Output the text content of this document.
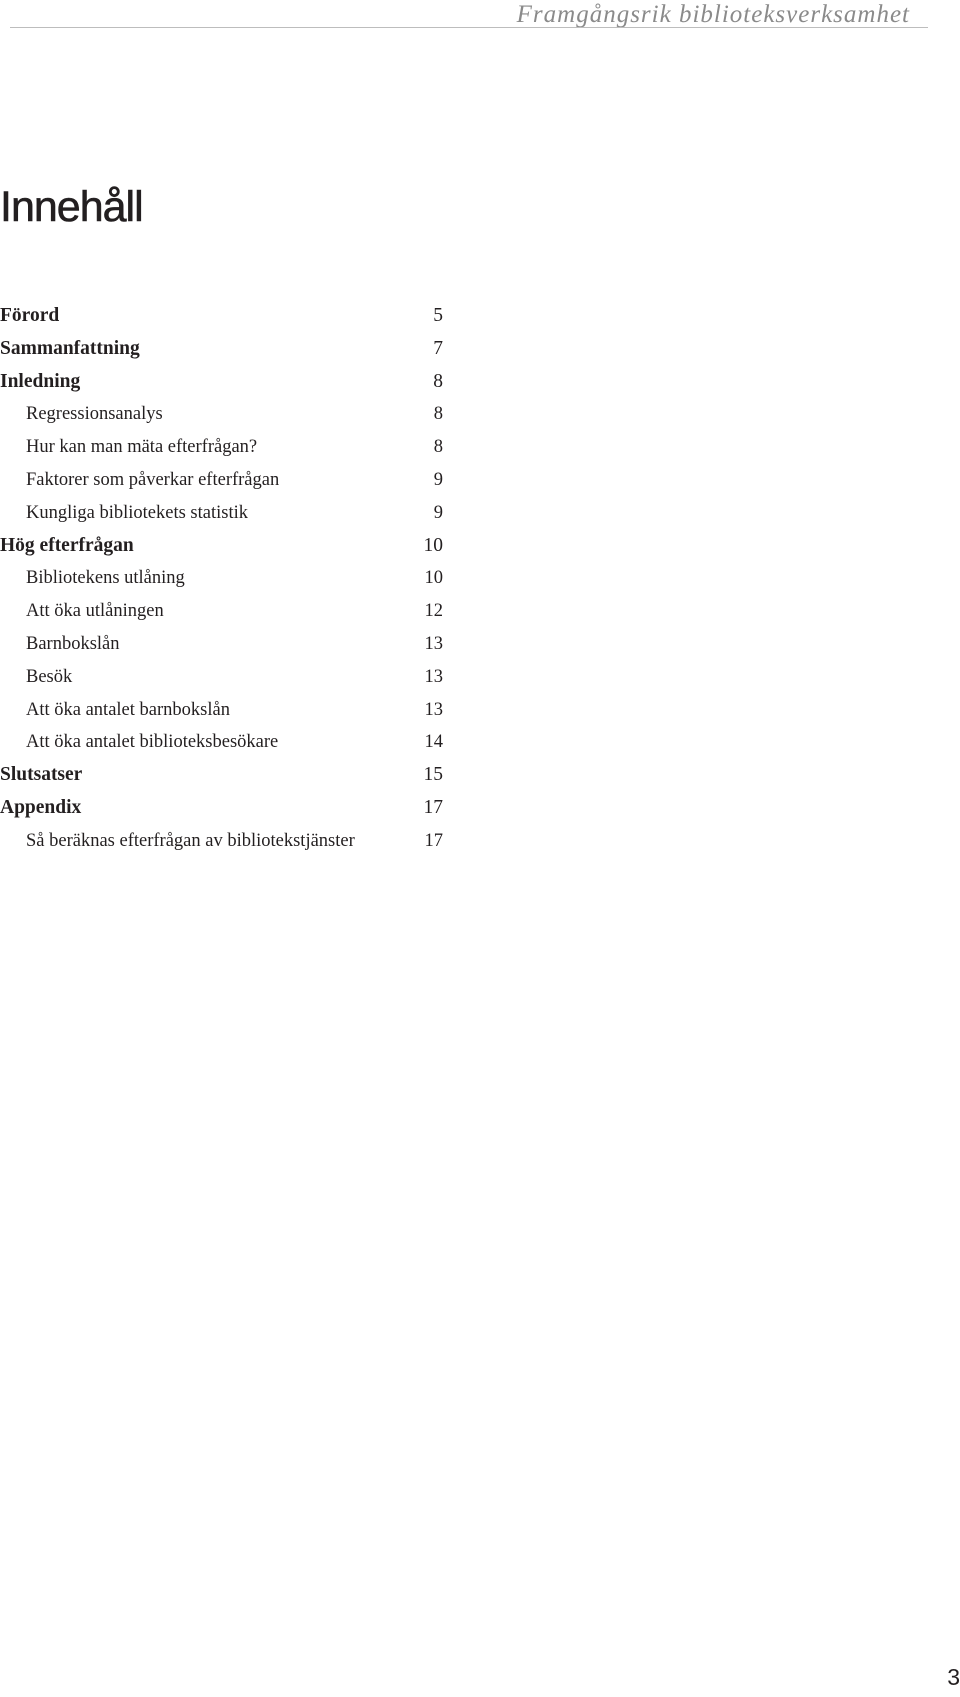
Framgångsrik biblioteksverksamhet
Innehåll
Förord	5
Sammanfattning	7
Inledning	8
Regressionsanalys	8
Hur kan man mäta efterfrågan?	8
Faktorer som påverkar efterfrågan	9
Kungliga bibliotekets statistik	9
Hög efterfrågan	10
Bibliotekens utlåning	10
Att öka utlåningen	12
Barnbokslån	13
Besök	13
Att öka antalet barnbokslån	13
Att öka antalet biblioteksbesökare	14
Slutsatser	15
Appendix	17
Så beräknas efterfrågan av bibliotekstjänster	17
3
